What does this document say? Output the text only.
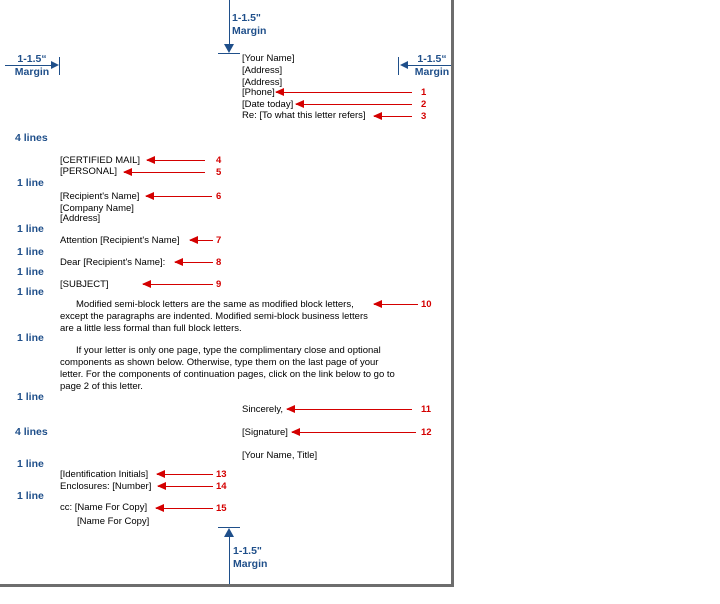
1-1.5"
Margin
1-1.5“
Margin
1-1.5“
Margin
1-1.5"
Margin
[Your Name]
[Address]
[Address]
[Phone]
[Date today]
Re: [To what this letter refers]
4 lines
1 line
1 line
1 line
1 line
1 line
1 line
1 line
4 lines
1 line
1 line
[CERTIFIED MAIL]
[PERSONAL]
[Recipient's Name]
[Company Name]
[Address]
Attention [Recipient's Name]
Dear [Recipient's Name]:
[SUBJECT]
Modified semi-block letters are the same as modified block letters, except the paragraphs are indented. Modified semi-block business letters are a little less formal than full block letters.
If your letter is only one page, type the complimentary close and optional components as shown below. Otherwise, type them on the last page of your letter. For the components of continuation pages, click on the link below to go to page 2 of this letter.
Sincerely,
[Signature]
[Your Name, Title]
[Identification Initials]
Enclosures: [Number]
cc: [Name For Copy]
[Name For Copy]
1
2
3
4
5
6
7
8
9
10
11
12
13
14
15
